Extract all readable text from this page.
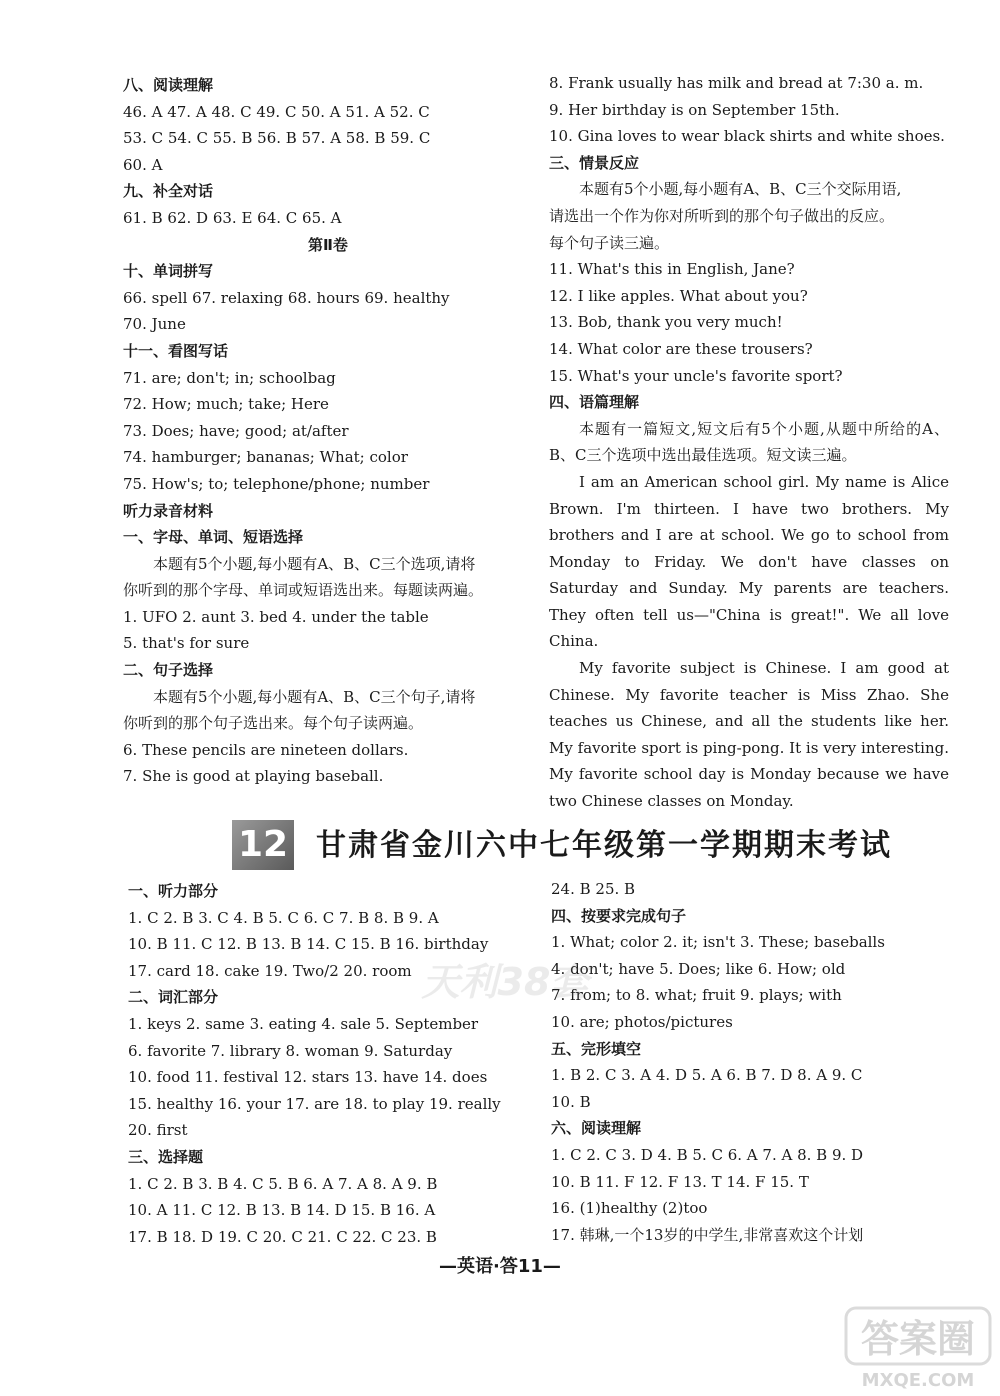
八、阅读理解
46. A 47. A 48. C 49. C 50. A 51. A 52. C
53. C 54. C 55. B 56. B 57. A 58. B 59. C
60. A
九、补全对话
61. B 62. D 63. E 64. C 65. A
第Ⅱ卷
十、单词拼写
66. spell 67. relaxing 68. hours 69. healthy
70. June
十一、看图写话
71. are; don't; in; schoolbag
72. How; much; take; Here
73. Does; have; good; at/after
74. hamburger; bananas; What; color
75. How's; to; telephone/phone; number
听力录音材料
一、字母、单词、短语选择
本题有5个小题,每小题有A、B、C三个选项,请将
你听到的那个字母、单词或短语选出来。每题读两遍。
1. UFO 2. aunt 3. bed 4. under the table
5. that's for sure
二、句子选择
本题有5个小题,每小题有A、B、C三个句子,请将
你听到的那个句子选出来。每个句子读两遍。
6. These pencils are nineteen dollars.
7. She is good at playing baseball.
8. Frank usually has milk and bread at 7:30 a. m.
9. Her birthday is on September 15th.
10. Gina loves to wear black shirts and white shoes.
三、情景反应
本题有5个小题,每小题有A、B、C三个交际用语,
请选出一个作为你对所听到的那个句子做出的反应。
每个句子读三遍。
11. What's this in English, Jane?
12. I like apples. What about you?
13. Bob, thank you very much!
14. What color are these trousers?
15. What's your uncle's favorite sport?
四、语篇理解
本题有一篇短文,短文后有5个小题,从题中所给的A、B、C三个选项中选出最佳选项。短文读三遍。
I am an American school girl. My name is Alice Brown. I'm thirteen. I have two brothers. My brothers and I are at school. We go to school from Monday to Friday. We don't have classes on Saturday and Sunday. My parents are teachers. They often tell us—"China is great!". We all love China.
My favorite subject is Chinese. I am good at Chinese. My favorite teacher is Miss Zhao. She teaches us Chinese, and all the students like her. My favorite sport is ping-pong. It is very interesting. My favorite school day is Monday because we have two Chinese classes on Monday.
12 甘肃省金川六中七年级第一学期期末考试
一、听力部分
1. C 2. B 3. C 4. B 5. C 6. C 7. B 8. B 9. A
10. B 11. C 12. B 13. B 14. C 15. B 16. birthday
17. card 18. cake 19. Two/2 20. room
二、词汇部分
1. keys 2. same 3. eating 4. sale 5. September
6. favorite 7. library 8. woman 9. Saturday
10. food 11. festival 12. stars 13. have 14. does
15. healthy 16. your 17. are 18. to play 19. really
20. first
三、选择题
1. C 2. B 3. B 4. C 5. B 6. A 7. A 8. A 9. B
10. A 11. C 12. B 13. B 14. D 15. B 16. A
17. B 18. D 19. C 20. C 21. C 22. C 23. B
24. B 25. B
四、按要求完成句子
1. What; color 2. it; isn't 3. These; baseballs
4. don't; have 5. Does; like 6. How; old
7. from; to 8. what; fruit 9. plays; with
10. are; photos/pictures
五、完形填空
1. B 2. C 3. A 4. D 5. A 6. B 7. D 8. A 9. C
10. B
六、阅读理解
1. C 2. C 3. D 4. B 5. C 6. A 7. A 8. B 9. D
10. B 11. F 12. F 13. T 14. F 15. T
16. (1)healthy (2)too
17. 韩琳,一个13岁的中学生,非常喜欢这个计划
天利38套
答案圈
MXQE.COM
—英语·答11—
